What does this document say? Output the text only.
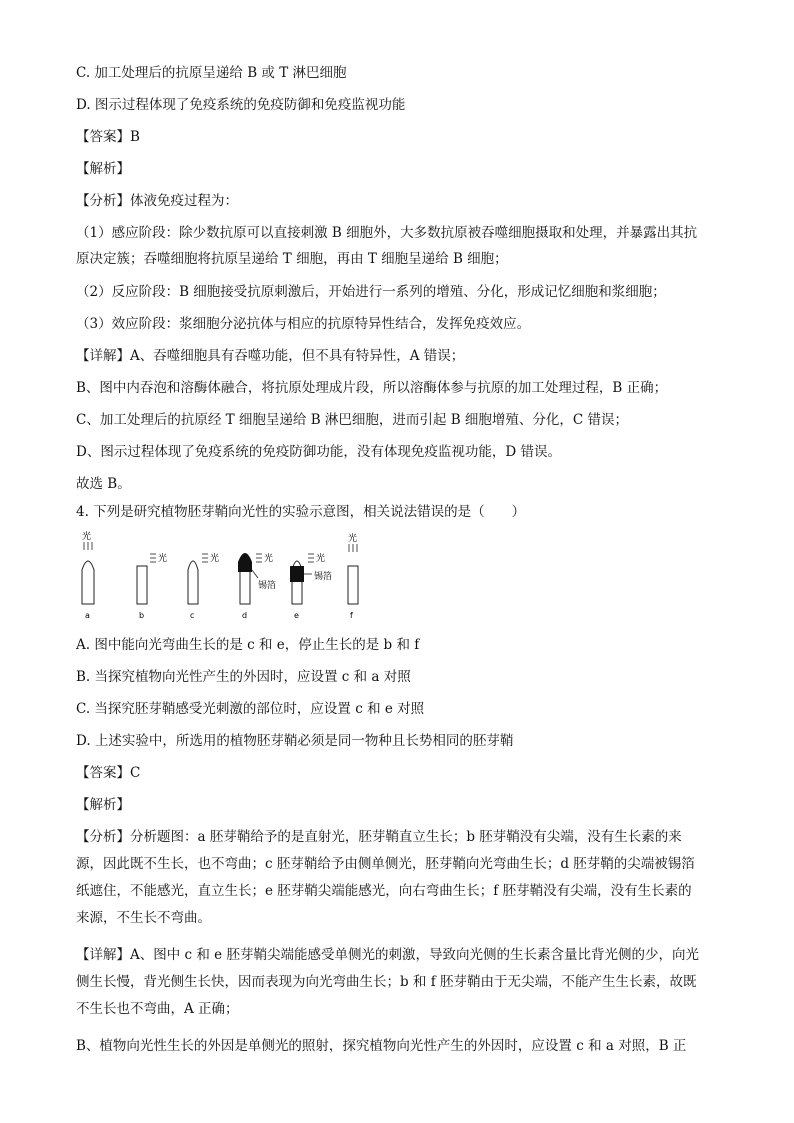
C. 加工处理后的抗原呈递给 B 或 T 淋巴细胞
D. 图示过程体现了免疫系统的免疫防御和免疫监视功能
【答案】B
【解析】
【分析】体液免疫过程为：
（1）感应阶段：除少数抗原可以直接刺激 B 细胞外，大多数抗原被吞噬细胞摄取和处理，并暴露出其抗
原决定簇；吞噬细胞将抗原呈递给 T 细胞，再由 T 细胞呈递给 B 细胞；
（2）反应阶段：B 细胞接受抗原刺激后，开始进行一系列的增殖、分化，形成记忆细胞和浆细胞；
（3）效应阶段：浆细胞分泌抗体与相应的抗原特异性结合，发挥免疫效应。
【详解】A、吞噬细胞具有吞噬功能，但不具有特异性，A 错误；
B、图中内吞泡和溶酶体融合，将抗原处理成片段，所以溶酶体参与抗原的加工处理过程，B 正确；
C、加工处理后的抗原经 T 细胞呈递给 B 淋巴细胞，进而引起 B 细胞增殖、分化，C 错误；
D、图示过程体现了免疫系统的免疫防御功能，没有体现免疫监视功能，D 错误。
故选 B。
4. 下列是研究植物胚芽鞘向光性的实验示意图，相关说法错误的是（　　）
光
a
光
b
光
c
光
锡箔
d
光
锡箔
e
光
f
A. 图中能向光弯曲生长的是 c 和 e，停止生长的是 b 和 f
B. 当探究植物向光性产生的外因时，应设置 c 和 a 对照
C. 当探究胚芽鞘感受光刺激的部位时，应设置 c 和 e 对照
D. 上述实验中，所选用的植物胚芽鞘必须是同一物种且长势相同的胚芽鞘
【答案】C
【解析】
【分析】分析题图：a 胚芽鞘给予的是直射光，胚芽鞘直立生长；b 胚芽鞘没有尖端，没有生长素的来
源，因此既不生长，也不弯曲；c 胚芽鞘给予由侧单侧光，胚芽鞘向光弯曲生长；d 胚芽鞘的尖端被锡箔
纸遮住，不能感光，直立生长；e 胚芽鞘尖端能感光，向右弯曲生长；f 胚芽鞘没有尖端，没有生长素的
来源，不生长不弯曲。
【详解】A、图中 c 和 e 胚芽鞘尖端能感受单侧光的刺激，导致向光侧的生长素含量比背光侧的少，向光
侧生长慢，背光侧生长快，因而表现为向光弯曲生长；b 和 f 胚芽鞘由于无尖端，不能产生生长素，故既
不生长也不弯曲，A 正确；
B、植物向光性生长的外因是单侧光的照射，探究植物向光性产生的外因时，应设置 c 和 a 对照，B 正
